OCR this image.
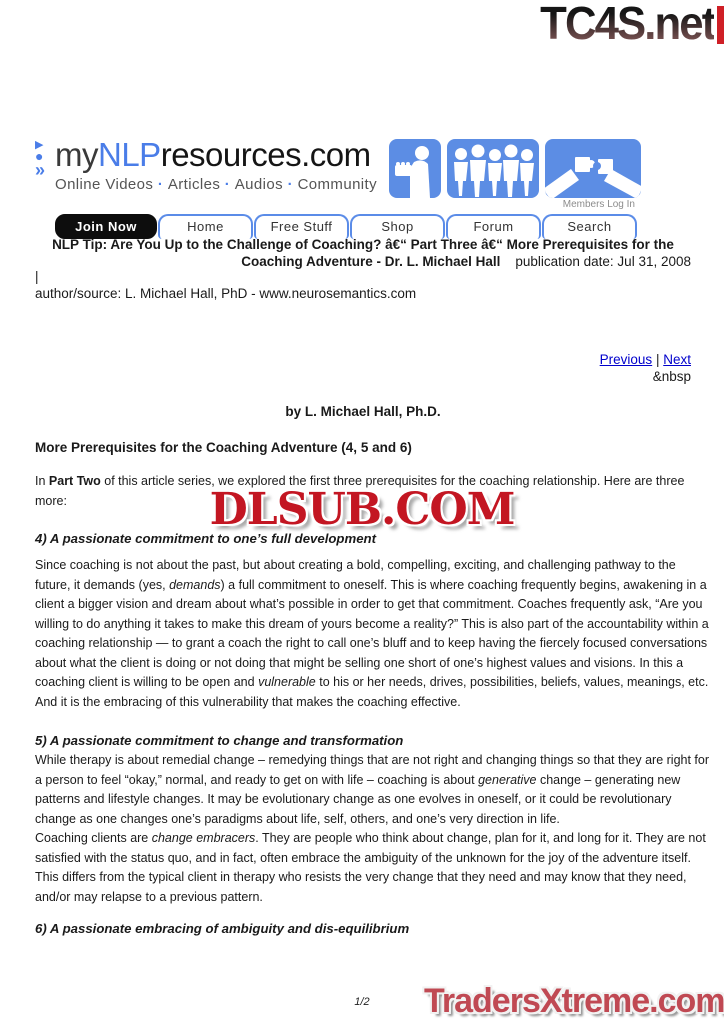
TC4S.net
▶
●
» myNLPresources.com
Online Videos · Articles · Audios · Community
Members Log In
Join Now	Home	Free Stuff	Shop	Forum	Search
NLP Tip: Are You Up to the Challenge of Coaching? â€“ Part Three â€“ More Prerequisites for the
Coaching Adventure - Dr. L. Michael Hall publication date: Jul 31, 2008
|
author/source: L. Michael Hall, PhD - www.neurosemantics.com
Previous | Next
&nbsp
by L. Michael Hall, Ph.D.
More Prerequisites for the Coaching Adventure (4, 5 and 6)
In Part Two of this article series, we explored the first three prerequisites for the coaching relationship. Here are three more:
4) A passionate commitment to one’s full development
Since coaching is not about the past, but about creating a bold, compelling, exciting, and challenging pathway to the future, it demands (yes, demands) a full commitment to oneself. This is where coaching frequently begins, awakening in a client a bigger vision and dream about what’s possible in order to get that commitment. Coaches frequently ask, “Are you willing to do anything it takes to make this dream of yours become a reality?” This is also part of the accountability within a coaching relationship — to grant a coach the right to call one’s bluff and to keep having the fiercely focused conversations about what the client is doing or not doing that might be selling one short of one’s highest values and visions. In this a coaching client is willing to be open and vulnerable to his or her needs, drives, possibilities, beliefs, values, meanings, etc. And it is the embracing of this vulnerability that makes the coaching effective.
5) A passionate commitment to change and transformation
While therapy is about remedial change – remedying things that are not right and changing things so that they are right for a person to feel “okay,” normal, and ready to get on with life – coaching is about generative change – generating new patterns and lifestyle changes. It may be evolutionary change as one evolves in oneself, or it could be revolutionary change as one changes one’s paradigms about life, self, others, and one’s very direction in life.
Coaching clients are change embracers. They are people who think about change, plan for it, and long for it. They are not satisfied with the status quo, and in fact, often embrace the ambiguity of the unknown for the joy of the adventure itself. This differs from the typical client in therapy who resists the very change that they need and may know that they need, and/or may relapse to a previous pattern.
6) A passionate embracing of ambiguity and dis-equilibrium
1/2
DLSUB.COM
TradersXtreme.com
